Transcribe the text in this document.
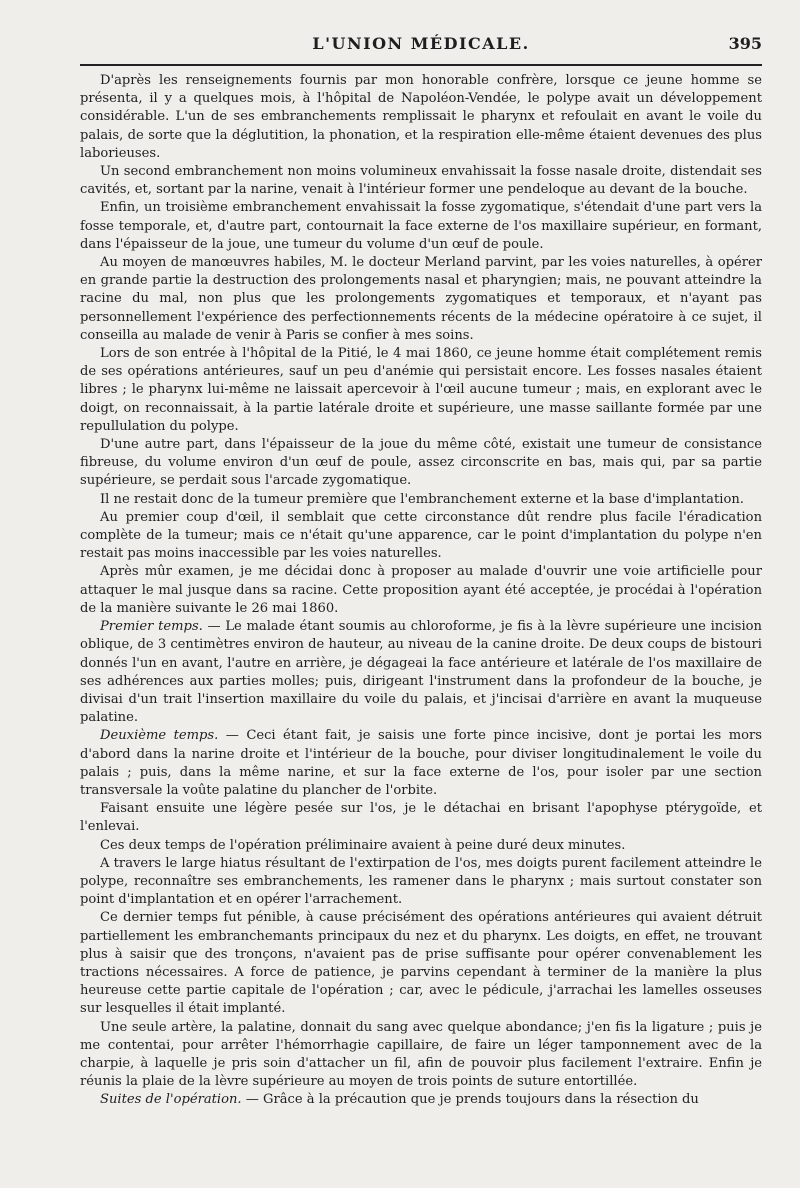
L'UNION MÉDICALE.	395

D'après les renseignements fournis par mon honorable confrère, lorsque ce jeune homme se présenta, il y a quelques mois, à l'hôpital de Napoléon-Vendée, le polype avait un développement considérable. L'un de ses embranchements remplissait le pharynx et refoulait en avant le voile du palais, de sorte que la déglutition, la phonation, et la respiration elle-même étaient devenues des plus laborieuses.

Un second embranchement non moins volumineux envahissait la fosse nasale droite, distendait ses cavités, et, sortant par la narine, venait à l'intérieur former une pendeloque au devant de la bouche.

Enfin, un troisième embranchement envahissait la fosse zygomatique, s'étendait d'une part vers la fosse temporale, et, d'autre part, contournait la face externe de l'os maxillaire supérieur, en formant, dans l'épaisseur de la joue, une tumeur du volume d'un œuf de poule.

Au moyen de manœuvres habiles, M. le docteur Merland parvint, par les voies naturelles, à opérer en grande partie la destruction des prolongements nasal et pharyngien; mais, ne pouvant atteindre la racine du mal, non plus que les prolongements zygomatiques et temporaux, et n'ayant pas personnellement l'expérience des perfectionnements récents de la médecine opératoire à ce sujet, il conseilla au malade de venir à Paris se confier à mes soins.

Lors de son entrée à l'hôpital de la Pitié, le 4 mai 1860, ce jeune homme était complétement remis de ses opérations antérieures, sauf un peu d'anémie qui persistait encore. Les fosses nasales étaient libres ; le pharynx lui-même ne laissait apercevoir à l'œil aucune tumeur ; mais, en explorant avec le doigt, on reconnaissait, à la partie latérale droite et supérieure, une masse saillante formée par une repullulation du polype.

D'une autre part, dans l'épaisseur de la joue du même côté, existait une tumeur de consistance fibreuse, du volume environ d'un œuf de poule, assez circonscrite en bas, mais qui, par sa partie supérieure, se perdait sous l'arcade zygomatique.

Il ne restait donc de la tumeur première que l'embranchement externe et la base d'implantation.

Au premier coup d'œil, il semblait que cette circonstance dût rendre plus facile l'éradication complète de la tumeur; mais ce n'était qu'une apparence, car le point d'implantation du polype n'en restait pas moins inaccessible par les voies naturelles.

Après mûr examen, je me décidai donc à proposer au malade d'ouvrir une voie artificielle pour attaquer le mal jusque dans sa racine. Cette proposition ayant été acceptée, je procédai à l'opération de la manière suivante le 26 mai 1860.

Premier temps. — Le malade étant soumis au chloroforme, je fis à la lèvre supérieure une incision oblique, de 3 centimètres environ de hauteur, au niveau de la canine droite. De deux coups de bistouri donnés l'un en avant, l'autre en arrière, je dégageai la face antérieure et latérale de l'os maxillaire de ses adhérences aux parties molles; puis, dirigeant l'instrument dans la profondeur de la bouche, je divisai d'un trait l'insertion maxillaire du voile du palais, et j'incisai d'arrière en avant la muqueuse palatine.

Deuxième temps. — Ceci étant fait, je saisis une forte pince incisive, dont je portai les mors d'abord dans la narine droite et l'intérieur de la bouche, pour diviser longitudinalement le voile du palais ; puis, dans la même narine, et sur la face externe de l'os, pour isoler par une section transversale la voûte palatine du plancher de l'orbite.

Faisant ensuite une légère pesée sur l'os, je le détachai en brisant l'apophyse ptérygoïde, et l'enlevai.

Ces deux temps de l'opération préliminaire avaient à peine duré deux minutes.

A travers le large hiatus résultant de l'extirpation de l'os, mes doigts purent facilement atteindre le polype, reconnaître ses embranchements, les ramener dans le pharynx ; mais surtout constater son point d'implantation et en opérer l'arrachement.

Ce dernier temps fut pénible, à cause précisément des opérations antérieures qui avaient détruit partiellement les embranchemants principaux du nez et du pharynx. Les doigts, en effet, ne trouvant plus à saisir que des tronçons, n'avaient pas de prise suffisante pour opérer convenablement les tractions nécessaires. A force de patience, je parvins cependant à terminer de la manière la plus heureuse cette partie capitale de l'opération ; car, avec le pédicule, j'arrachai les lamelles osseuses sur lesquelles il était implanté.

Une seule artère, la palatine, donnait du sang avec quelque abondance; j'en fis la ligature ; puis je me contentai, pour arrêter l'hémorrhagie capillaire, de faire un léger tamponnement avec de la charpie, à laquelle je pris soin d'attacher un fil, afin de pouvoir plus facilement l'extraire. Enfin je réunis la plaie de la lèvre supérieure au moyen de trois points de suture entortillée.

Suites de l'opération. — Grâce à la précaution que je prends toujours dans la résection du
